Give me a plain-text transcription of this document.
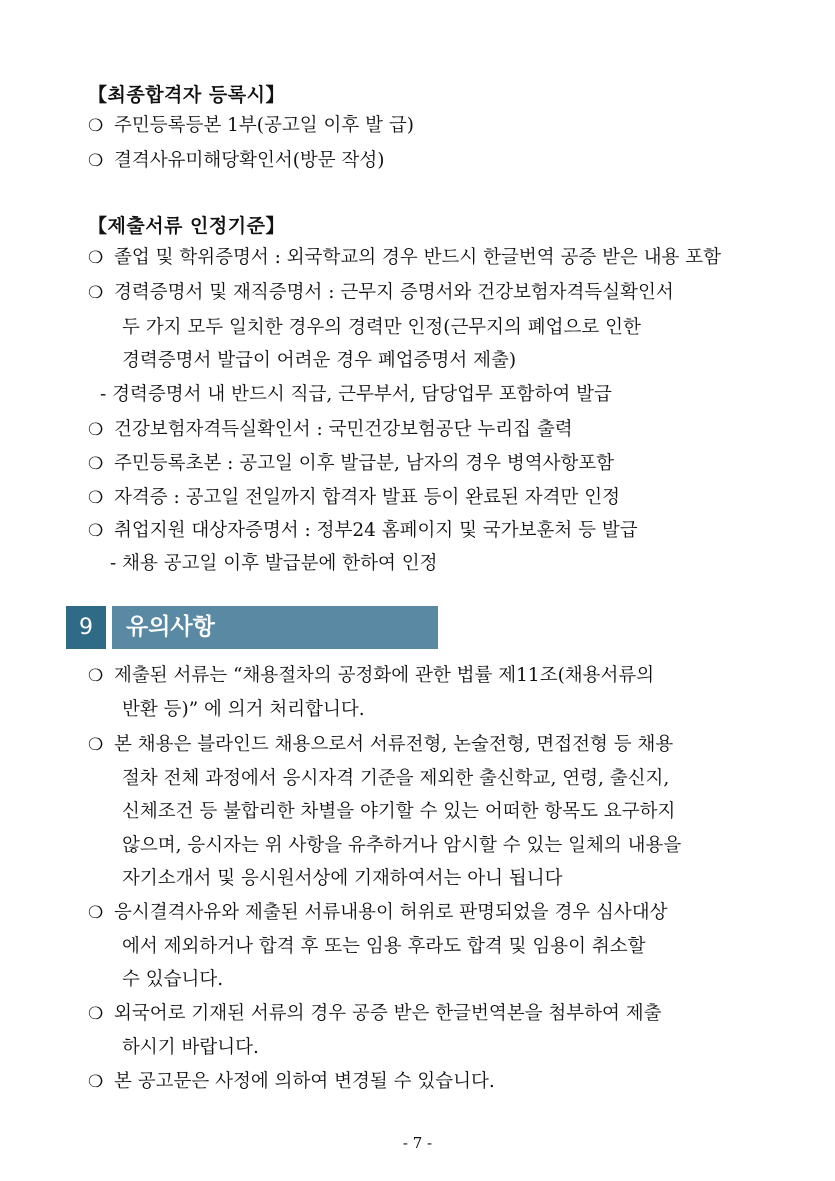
【최종합격자 등록시】
❍ 주민등록등본 1부(공고일 이후 발 급)
❍ 결격사유미해당확인서(방문 작성)
【제출서류 인정기준】
❍ 졸업 및 학위증명서 : 외국학교의 경우 반드시 한글번역 공증 받은 내용 포함
❍ 경력증명서 및 재직증명서 : 근무지 증명서와 건강보험자격득실확인서
두 가지 모두 일치한 경우의 경력만 인정(근무지의 폐업으로 인한
경력증명서 발급이 어려운 경우 폐업증명서 제출)
- 경력증명서 내 반드시 직급, 근무부서, 담당업무 포함하여 발급
❍ 건강보험자격득실확인서 : 국민건강보험공단 누리집 출력
❍ 주민등록초본 : 공고일 이후 발급분, 남자의 경우 병역사항포함
❍ 자격증 : 공고일 전일까지 합격자 발표 등이 완료된 자격만 인정
❍ 취업지원 대상자증명서 : 정부24 홈페이지 및 국가보훈처 등 발급
- 채용 공고일 이후 발급분에 한하여 인정
9	유의사항
❍ 제출된 서류는 “채용절차의 공정화에 관한 법률 제11조(채용서류의
반환 등)” 에 의거 처리합니다.
❍ 본 채용은 블라인드 채용으로서 서류전형, 논술전형, 면접전형 등 채용
절차 전체 과정에서 응시자격 기준을 제외한 출신학교, 연령, 출신지,
신체조건 등 불합리한 차별을 야기할 수 있는 어떠한 항목도 요구하지
않으며, 응시자는 위 사항을 유추하거나 암시할 수 있는 일체의 내용을
자기소개서 및 응시원서상에 기재하여서는 아니 됩니다
❍ 응시결격사유와 제출된 서류내용이 허위로 판명되었을 경우 심사대상
에서 제외하거나 합격 후 또는 임용 후라도 합격 및 임용이 취소할
수 있습니다.
❍ 외국어로 기재된 서류의 경우 공증 받은 한글번역본을 첨부하여 제출
하시기 바랍니다.
❍ 본 공고문은 사정에 의하여 변경될 수 있습니다.
- 7 -
